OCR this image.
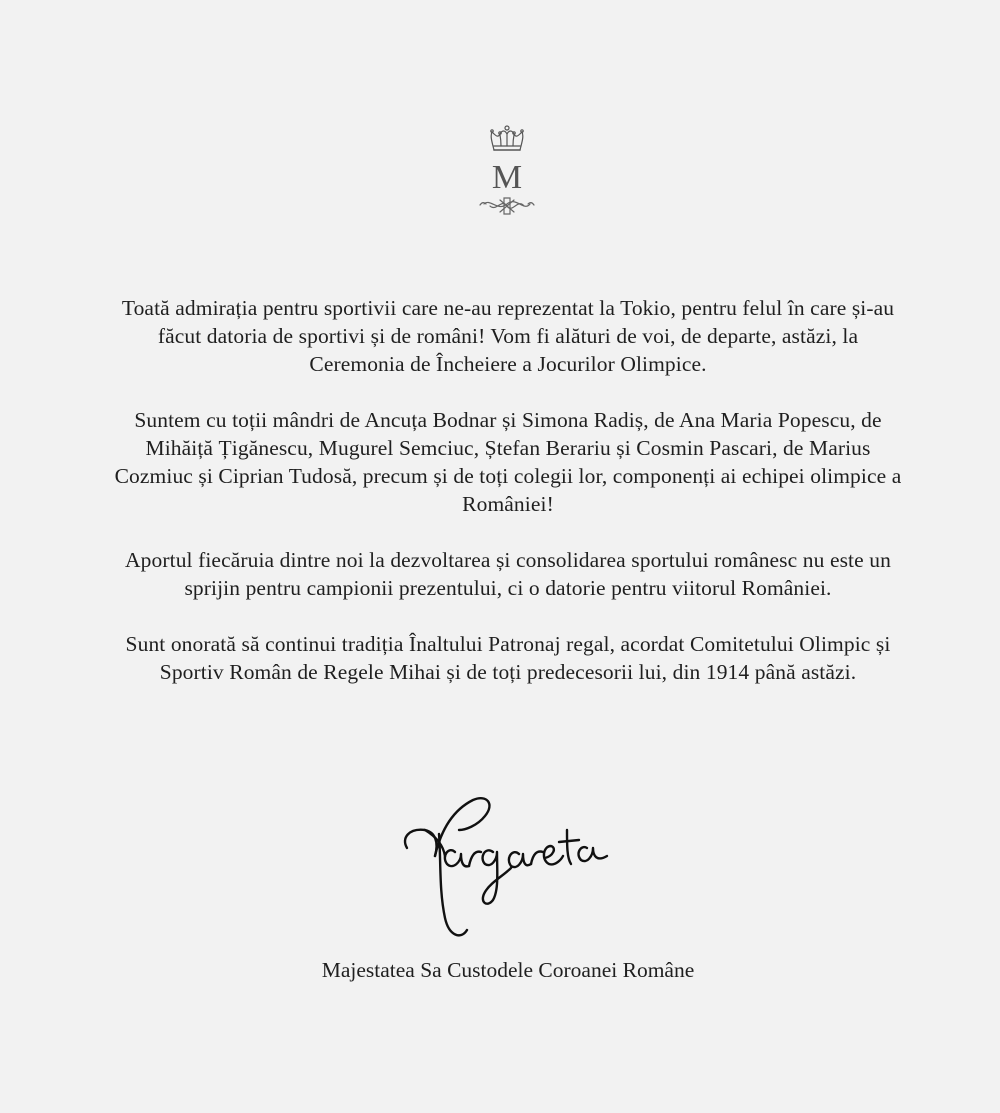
M

Toată admirația pentru sportivii care ne-au reprezentat la Tokio, pentru felul în care și-au făcut datoria de sportivi și de români! Vom fi alături de voi, de departe, astăzi, la Ceremonia de Încheiere a Jocurilor Olimpice.

Suntem cu toții mândri de Ancuța Bodnar și Simona Radiș, de Ana Maria Popescu, de Mihăiță Țigănescu, Mugurel Semciuc, Ștefan Berariu și Cosmin Pascari, de Marius Cozmiuc și Ciprian Tudosă, precum și de toți colegii lor, componenți ai echipei olimpice a României!

Aportul fiecăruia dintre noi la dezvoltarea și consolidarea sportului românesc nu este un sprijin pentru campionii prezentului, ci o datorie pentru viitorul României.

Sunt onorată să continui tradiția Înaltului Patronaj regal, acordat Comitetului Olimpic și Sportiv Român de Regele Mihai și de toți predecesorii lui, din 1914 până astăzi.

Majestatea Sa Custodele Coroanei Române
